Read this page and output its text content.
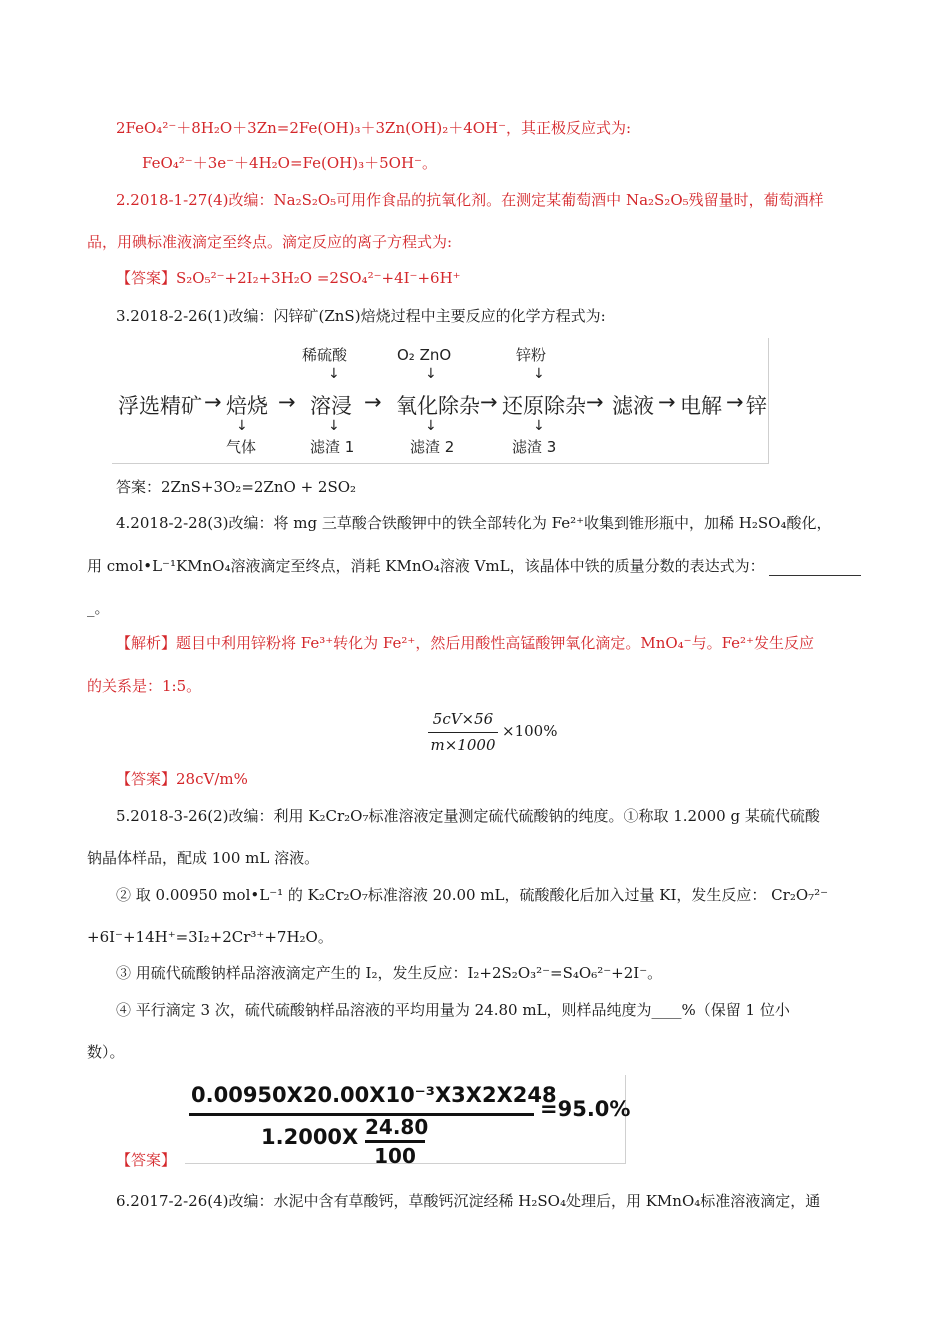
2FeO₄²⁻＋8H₂O＋3Zn=2Fe(OH)₃＋3Zn(OH)₂＋4OH⁻，其正极反应式为:
FeO₄²⁻＋3e⁻＋4H₂O=Fe(OH)₃＋5OH⁻。
2.2018-1-27(4)改编：Na₂S₂O₅可用作食品的抗氧化剂。在测定某葡萄酒中 Na₂S₂O₅残留量时，葡萄酒样
品，用碘标准液滴定至终点。滴定反应的离子方程式为:
【答案】S₂O₅²⁻+2I₂+3H₂O =2SO₄²⁻+4I⁻+6H⁺
3.2018-2-26(1)改编：闪锌矿(ZnS)焙烧过程中主要反应的化学方程式为:
稀硫酸
↓
O₂ ZnO
↓
锌粉
↓
浮选精矿 → 焙烧 → 溶浸 → 氧化除杂 → 还原除杂 → 滤液 → 电解 → 锌
↓
气体
↓
滤渣 1
↓
滤渣 2
↓
滤渣 3
答案：2ZnS+3O₂=2ZnO + 2SO₂
4.2018-2-28(3)改编：将 mg 三草酸合铁酸钾中的铁全部转化为 Fe²⁺收集到锥形瓶中，加稀 H₂SO₄酸化，
用 cmol•L⁻¹KMnO₄溶液滴定至终点，消耗 KMnO₄溶液 VmL，该晶体中铁的质量分数的表达式为：
_。
【解析】题目中利用锌粉将 Fe³⁺转化为 Fe²⁺，然后用酸性高锰酸钾氧化滴定。MnO₄⁻与。Fe²⁺发生反应
的关系是：1:5。
5cV×56
m×1000
×100%
【答案】28cV/m%
5.2018-3-26(2)改编：利用 K₂Cr₂O₇标准溶液定量测定硫代硫酸钠的纯度。①称取 1.2000 g 某硫代硫酸
钠晶体样品，配成 100 mL 溶液。
② 取 0.00950 mol•L⁻¹ 的 K₂Cr₂O₇标准溶液 20.00 mL，硫酸酸化后加入过量 KI，发生反应： Cr₂O₇²⁻
+6I⁻+14H⁺=3I₂+2Cr³⁺+7H₂O。
③ 用硫代硫酸钠样品溶液滴定产生的 I₂，发生反应：I₂+2S₂O₃²⁻=S₄O₆²⁻+2I⁻。
④ 平行滴定 3 次，硫代硫酸钠样品溶液的平均用量为 24.80 mL，则样品纯度为____%（保留 1 位小
数）。
0.00950X20.00X10⁻³X3X2X248
=95.0%
1.2000X 24.80
100
【答案】
6.2017-2-26(4)改编：水泥中含有草酸钙，草酸钙沉淀经稀 H₂SO₄处理后，用 KMnO₄标准溶液滴定，通
